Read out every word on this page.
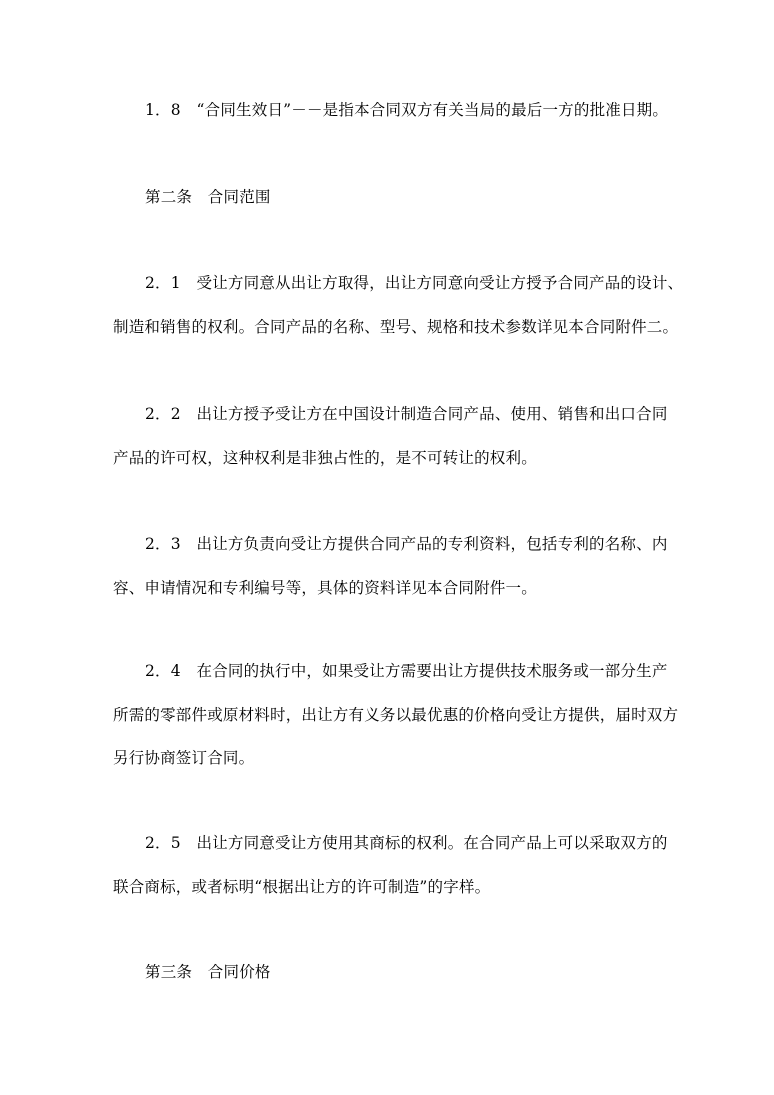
1．8　“合同生效日”－－是指本合同双方有关当局的最后一方的批准日期。
第二条　合同范围
2．1　受让方同意从出让方取得，出让方同意向受让方授予合同产品的设计、
制造和销售的权利。合同产品的名称、型号、规格和技术参数详见本合同附件二。
2．2　出让方授予受让方在中国设计制造合同产品、使用、销售和出口合同
产品的许可权，这种权利是非独占性的，是不可转让的权利。
2．3　出让方负责向受让方提供合同产品的专利资料，包括专利的名称、内
容、申请情况和专利编号等，具体的资料详见本合同附件一。
2．4　在合同的执行中，如果受让方需要出让方提供技术服务或一部分生产
所需的零部件或原材料时，出让方有义务以最优惠的价格向受让方提供，届时双方
另行协商签订合同。
2．5　出让方同意受让方使用其商标的权利。在合同产品上可以采取双方的
联合商标，或者标明“根据出让方的许可制造”的字样。
第三条　合同价格
